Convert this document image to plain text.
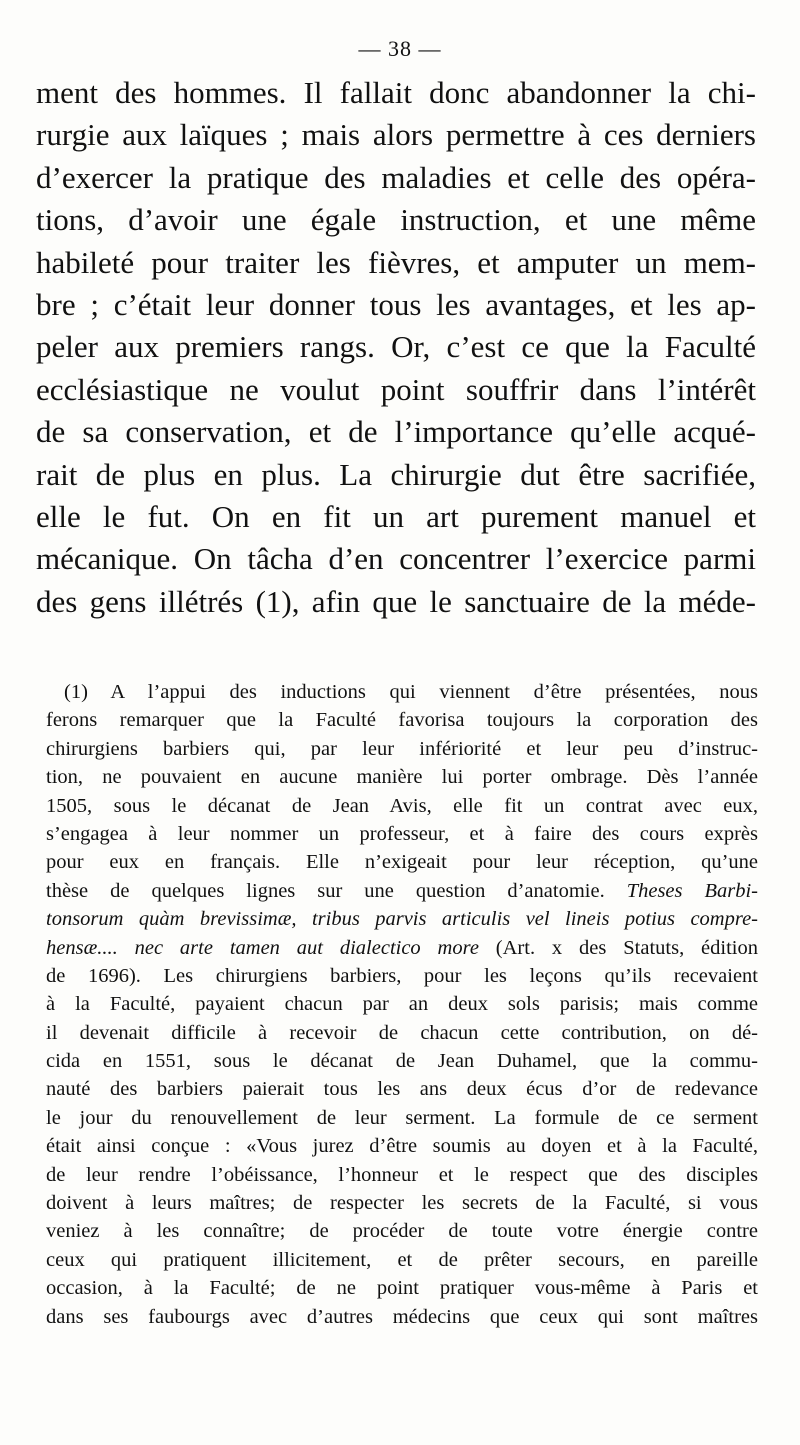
— 38 —
ment des hommes. Il fallait donc abandonner la chi-
rurgie aux laïques ; mais alors permettre à ces derniers
d’exercer la pratique des maladies et celle des opéra-
tions, d’avoir une égale instruction, et une même
habileté pour traiter les fièvres, et amputer un mem-
bre ; c’était leur donner tous les avantages, et les ap-
peler aux premiers rangs. Or, c’est ce que la Faculté
ecclésiastique ne voulut point souffrir dans l’intérêt
de sa conservation, et de l’importance qu’elle acqué-
rait de plus en plus. La chirurgie dut être sacrifiée,
elle le fut. On en fit un art purement manuel et
mécanique. On tâcha d’en concentrer l’exercice parmi
des gens illétrés (1), afin que le sanctuaire de la méde-
(1) A l’appui des inductions qui viennent d’être présentées, nous
ferons remarquer que la Faculté favorisa toujours la corporation des
chirurgiens barbiers qui, par leur infériorité et leur peu d’instruc-
tion, ne pouvaient en aucune manière lui porter ombrage. Dès l’année
1505, sous le décanat de Jean Avis, elle fit un contrat avec eux,
s’engagea à leur nommer un professeur, et à faire des cours exprès
pour eux en français. Elle n’exigeait pour leur réception, qu’une
thèse de quelques lignes sur une question d’anatomie. Theses Barbi-
tonsorum quàm brevissimæ, tribus parvis articulis vel lineis potius compre-
hensæ.... nec arte tamen aut dialectico more (Art. x des Statuts, édition
de 1696). Les chirurgiens barbiers, pour les leçons qu’ils recevaient
à la Faculté, payaient chacun par an deux sols parisis; mais comme
il devenait difficile à recevoir de chacun cette contribution, on dé-
cida en 1551, sous le décanat de Jean Duhamel, que la commu-
nauté des barbiers paierait tous les ans deux écus d’or de redevance
le jour du renouvellement de leur serment. La formule de ce serment
était ainsi conçue : «Vous jurez d’être soumis au doyen et à la Faculté,
de leur rendre l’obéissance, l’honneur et le respect que des disciples
doivent à leurs maîtres; de respecter les secrets de la Faculté, si vous
veniez à les connaître; de procéder de toute votre énergie contre
ceux qui pratiquent illicitement, et de prêter secours, en pareille
occasion, à la Faculté; de ne point pratiquer vous-même à Paris et
dans ses faubourgs avec d’autres médecins que ceux qui sont maîtres
